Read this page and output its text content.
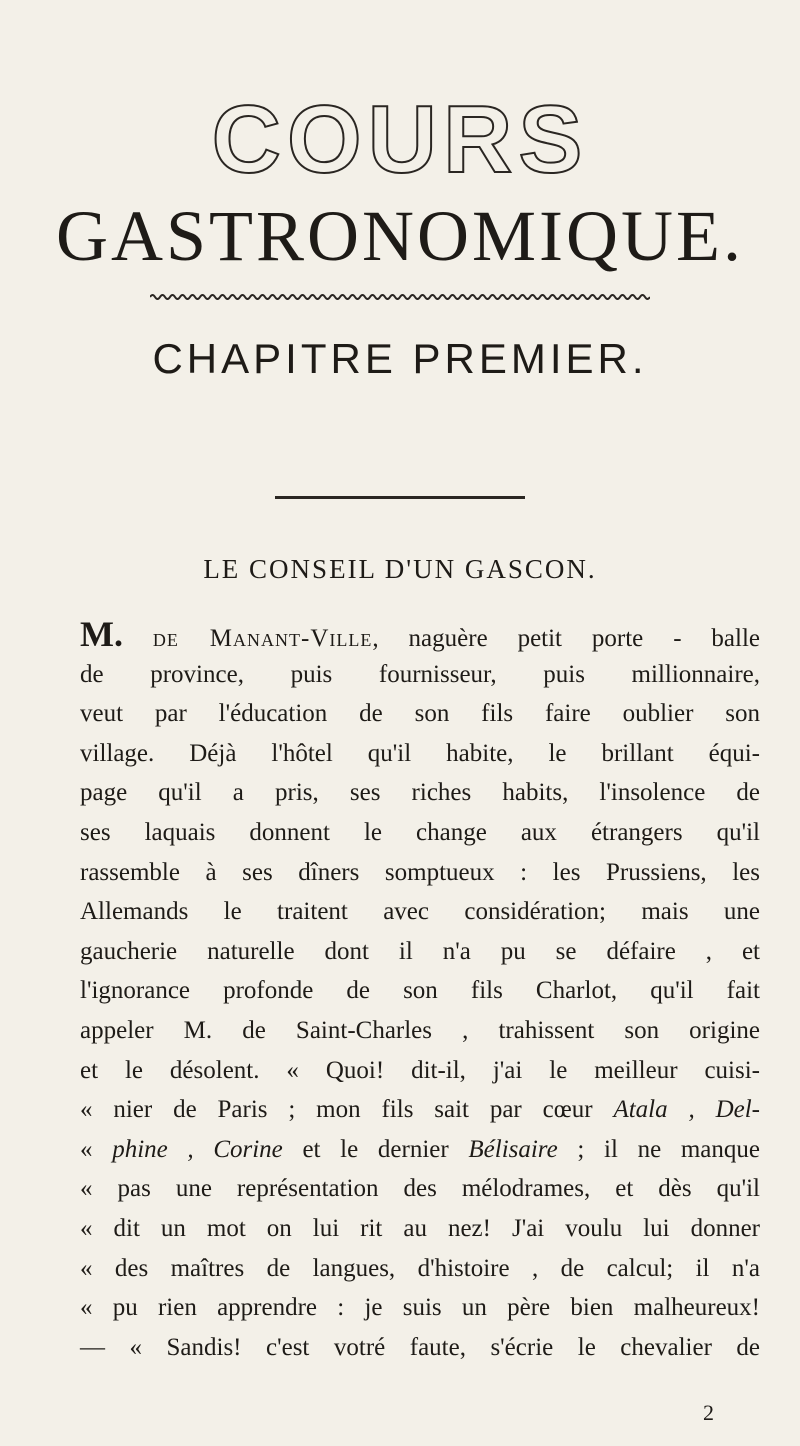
COURS
GASTRONOMIQUE.
CHAPITRE PREMIER.
LE CONSEIL D'UN GASCON.
M. de Manant-Ville, naguère petit porte - balle
de province, puis fournisseur, puis millionnaire,
veut par l'éducation de son fils faire oublier son
village. Déjà l'hôtel qu'il habite, le brillant équi-
page qu'il a pris, ses riches habits, l'insolence de
ses laquais donnent le change aux étrangers qu'il
rassemble à ses dîners somptueux : les Prussiens, les
Allemands le traitent avec considération; mais une
gaucherie naturelle dont il n'a pu se défaire , et
l'ignorance profonde de son fils Charlot, qu'il fait
appeler M. de Saint-Charles , trahissent son origine
et le désolent. « Quoi! dit-il, j'ai le meilleur cuisi-
« nier de Paris ; mon fils sait par cœur Atala , Del-
« phine , Corine et le dernier Bélisaire ; il ne manque
« pas une représentation des mélodrames, et dès qu'il
« dit un mot on lui rit au nez! J'ai voulu lui donner
« des maîtres de langues, d'histoire , de calcul; il n'a
« pu rien apprendre : je suis un père bien malheureux!
— « Sandis! c'est votré faute, s'écrie le chevalier de
2
